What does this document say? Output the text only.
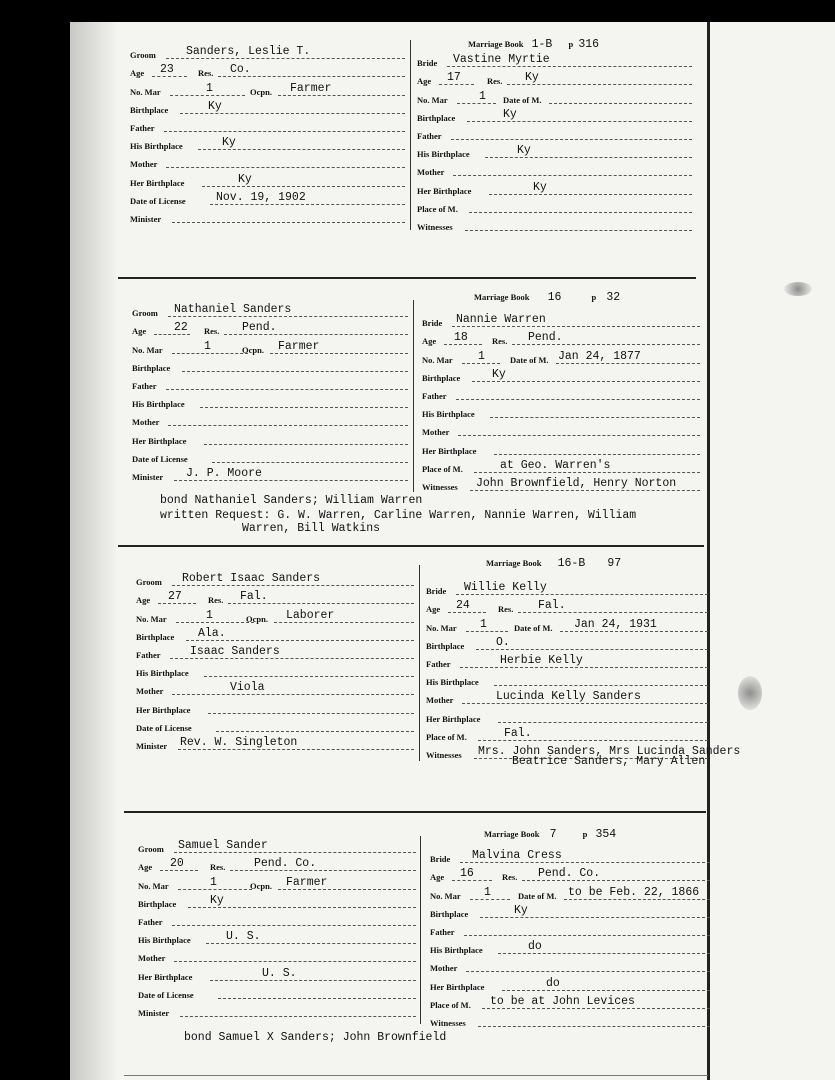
Marriage Book 1-B p 316
Groom	Sanders, Leslie T.
Age 23	Res. Co.
No. Mar	1	Ocpn. Farmer
Birthplace	Ky
Father
His Birthplace	Ky
Mother
Her Birthplace	Ky
Date of License	Nov. 19, 1902
Minister
Bride Vastine Myrtie
Age 17	Res. Ky
No. Mar	1 Date of M.
Birthplace	Ky
Father
His Birthplace	Ky
Mother
Her Birthplace	Ky
Place of M.
Witnesses
Marriage Book 16	p 32
Groom Nathaniel Sanders
Age 22 Res. Pend.
No. Mar	1	Ocpn. Farmer
Birthplace
Father
His Birthplace
Mother
Her Birthplace
Date of License
Minister J. P. Moore
Bride Nannie Warren
Age 18	Res. Pend.
No. Mar 1	Date of M. Jan 24, 1877
Birthplace	Ky
Father
His Birthplace
Mother
Her Birthplace
Place of M.	at Geo. Warren's
Witnesses John Brownfield, Henry Norton
bond Nathaniel Sanders; William Warren
written Request: G. W. Warren, Carline Warren, Nannie Warren, William
Warren, Bill Watkins
Marriage Book 16-B 97
Groom Robert Isaac Sanders
Age 27	Res. Fal.
No. Mar	1	Ocpn. Laborer
Birthplace Ala.
Father	Isaac Sanders
His Birthplace
Mother	Viola
Her Birthplace
Date of License
Minister Rev. W. Singleton
Bride Willie Kelly
Age 24	Res. Fal.
No. Mar 1	Date of M. Jan 24, 1931
Birthplace	O.
Father	Herbie Kelly
His Birthplace
Mother	Lucinda Kelly Sanders
Her Birthplace
Place of M.	Fal.
Witnesses Mrs. John Sanders, Mrs Lucinda Sanders
Beatrice Sanders, Mary Allen
Marriage Book 7	p 354
Groom Samuel Sander
Age 20	Res. Pend. Co.
No. Mar	1	Ocpn. Farmer
Birthplace	Ky
Father
His Birthplace	U. S.
Mother
Her Birthplace	U. S.
Date of License
Minister
Bride Malvina Cress
Age 16	Res. Pend. Co.
No. Mar 1	Date of M. to be Feb. 22, 1866
Birthplace	Ky
Father
His Birthplace	do
Mother
Her Birthplace	do
Place of M. to be at John Levices
Witnesses
bond Samuel X Sanders; John Brownfield
